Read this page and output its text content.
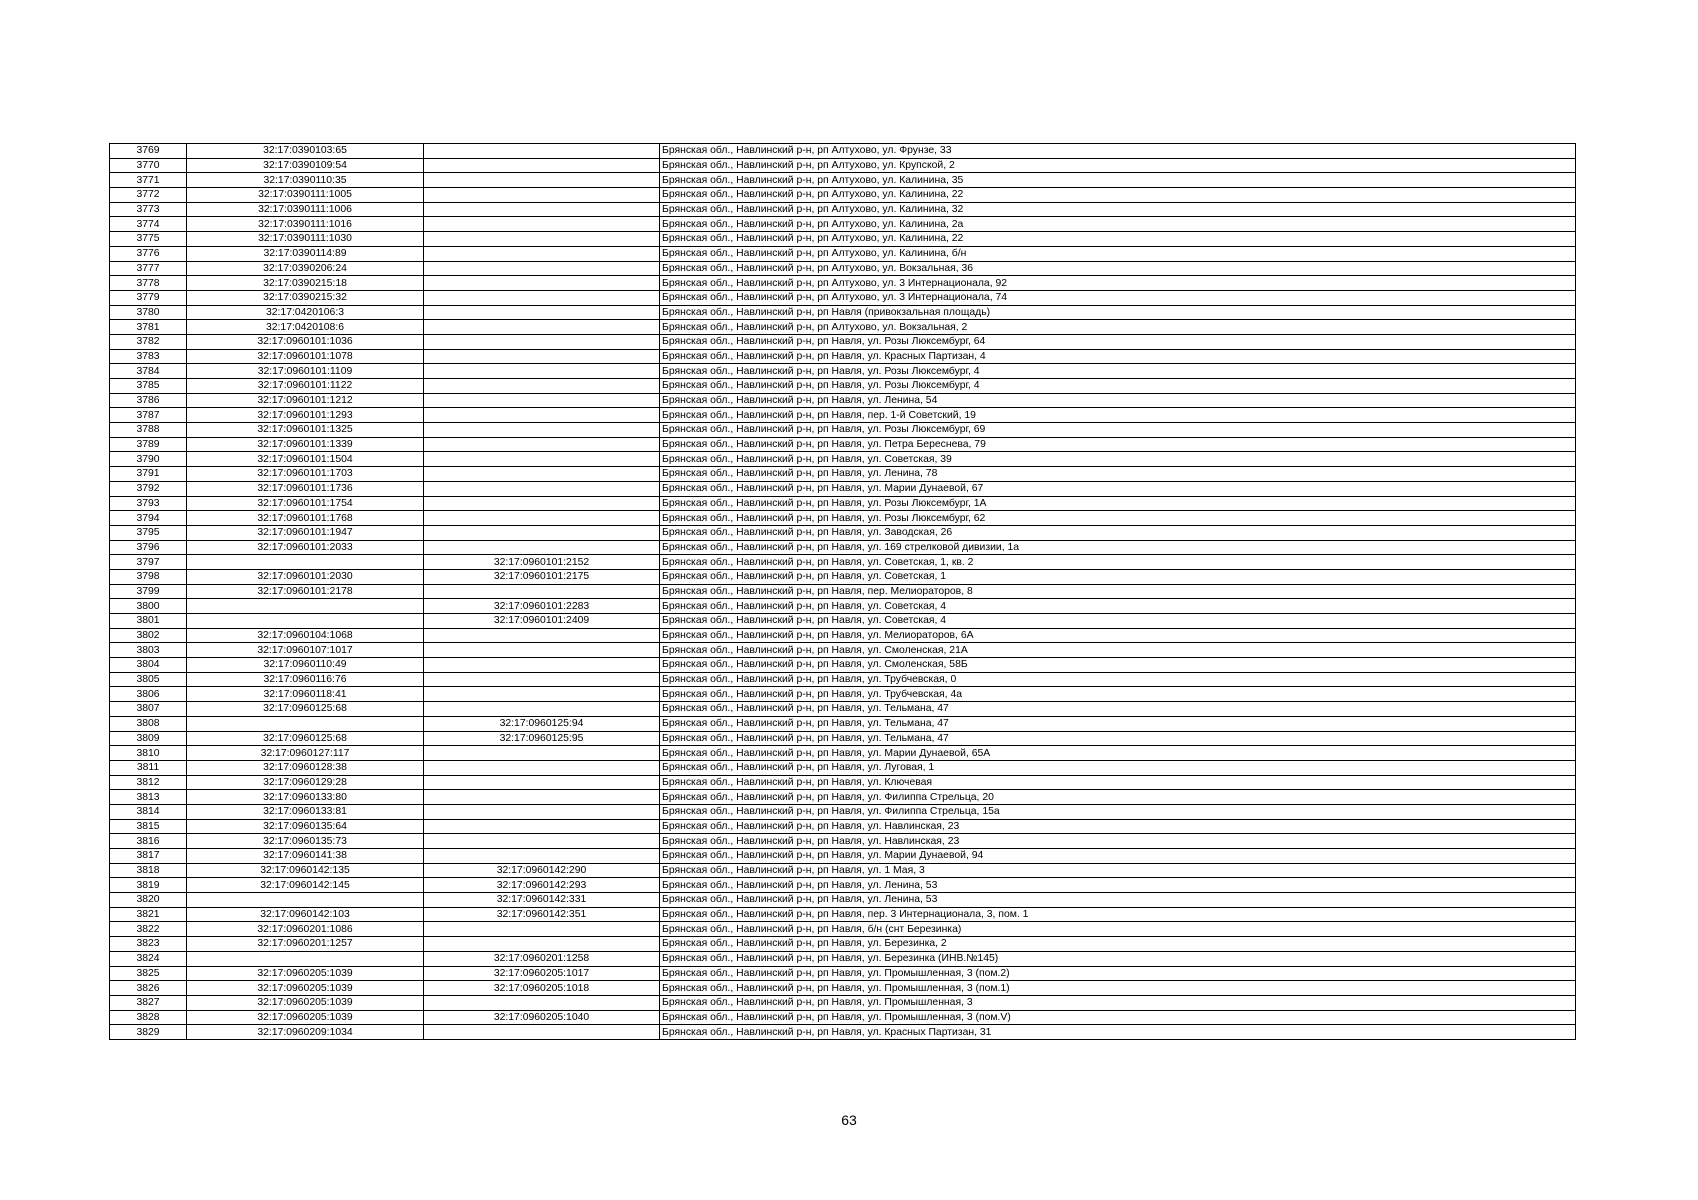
3769	32:17:0390103:65		Брянская обл., Навлинский р-н, рп Алтухово, ул. Фрунзе, 33
3770	32:17:0390109:54		Брянская обл., Навлинский р-н, рп Алтухово, ул. Крупской, 2
3771	32:17:0390110:35		Брянская обл., Навлинский р-н, рп Алтухово, ул. Калинина, 35
3772	32:17:0390111:1005		Брянская обл., Навлинский р-н, рп Алтухово, ул. Калинина, 22
3773	32:17:0390111:1006		Брянская обл., Навлинский р-н, рп Алтухово, ул. Калинина, 32
3774	32:17:0390111:1016		Брянская обл., Навлинский р-н, рп Алтухово, ул. Калинина, 2а
3775	32:17:0390111:1030		Брянская обл., Навлинский р-н, рп Алтухово, ул. Калинина, 22
3776	32:17:0390114:89		Брянская обл., Навлинский р-н, рп Алтухово, ул. Калинина, б/н
3777	32:17:0390206:24		Брянская обл., Навлинский р-н, рп Алтухово, ул. Вокзальная, 36
3778	32:17:0390215:18		Брянская обл., Навлинский р-н, рп Алтухово, ул. 3 Интернационала, 92
3779	32:17:0390215:32		Брянская обл., Навлинский р-н, рп Алтухово, ул. 3 Интернационала, 74
3780	32:17:0420106:3		Брянская обл., Навлинский р-н, рп Навля (привокзальная площадь)
3781	32:17:0420108:6		Брянская обл., Навлинский р-н, рп Алтухово, ул. Вокзальная, 2
3782	32:17:0960101:1036		Брянская обл., Навлинский р-н, рп Навля, ул. Розы Люксембург, 64
3783	32:17:0960101:1078		Брянская обл., Навлинский р-н, рп Навля, ул. Красных Партизан, 4
3784	32:17:0960101:1109		Брянская обл., Навлинский р-н, рп Навля, ул. Розы Люксембург, 4
3785	32:17:0960101:1122		Брянская обл., Навлинский р-н, рп Навля, ул. Розы Люксембург, 4
3786	32:17:0960101:1212		Брянская обл., Навлинский р-н, рп Навля, ул. Ленина, 54
3787	32:17:0960101:1293		Брянская обл., Навлинский р-н, рп Навля, пер. 1-й Советский, 19
3788	32:17:0960101:1325		Брянская обл., Навлинский р-н, рп Навля, ул. Розы Люксембург, 69
3789	32:17:0960101:1339		Брянская обл., Навлинский р-н, рп Навля, ул. Петра Береснева, 79
3790	32:17:0960101:1504		Брянская обл., Навлинский р-н, рп Навля, ул. Советская, 39
3791	32:17:0960101:1703		Брянская обл., Навлинский р-н, рп Навля, ул. Ленина, 78
3792	32:17:0960101:1736		Брянская обл., Навлинский р-н, рп Навля, ул. Марии Дунаевой, 67
3793	32:17:0960101:1754		Брянская обл., Навлинский р-н, рп Навля, ул. Розы Люксембург, 1А
3794	32:17:0960101:1768		Брянская обл., Навлинский р-н, рп Навля, ул. Розы Люксембург, 62
3795	32:17:0960101:1947		Брянская обл., Навлинский р-н, рп Навля, ул. Заводская, 26
3796	32:17:0960101:2033		Брянская обл., Навлинский р-н, рп Навля, ул. 169 стрелковой дивизии, 1а
3797		32:17:0960101:2152	Брянская обл., Навлинский р-н, рп Навля, ул. Советская, 1, кв. 2
3798	32:17:0960101:2030	32:17:0960101:2175	Брянская обл., Навлинский р-н, рп Навля, ул. Советская, 1
3799	32:17:0960101:2178		Брянская обл., Навлинский р-н, рп Навля, пер. Мелиораторов, 8
3800		32:17:0960101:2283	Брянская обл., Навлинский р-н, рп Навля, ул. Советская, 4
3801		32:17:0960101:2409	Брянская обл., Навлинский р-н, рп Навля, ул. Советская, 4
3802	32:17:0960104:1068		Брянская обл., Навлинский р-н, рп Навля, ул. Мелиораторов, 6А
3803	32:17:0960107:1017		Брянская обл., Навлинский р-н, рп Навля, ул. Смоленская, 21А
3804	32:17:0960110:49		Брянская обл., Навлинский р-н, рп Навля, ул. Смоленская, 58Б
3805	32:17:0960116:76		Брянская обл., Навлинский р-н, рп Навля, ул. Трубчевская, 0
3806	32:17:0960118:41		Брянская обл., Навлинский р-н, рп Навля, ул. Трубчевская, 4а
3807	32:17:0960125:68		Брянская обл., Навлинский р-н, рп Навля, ул. Тельмана, 47
3808		32:17:0960125:94	Брянская обл., Навлинский р-н, рп Навля, ул. Тельмана, 47
3809	32:17:0960125:68	32:17:0960125:95	Брянская обл., Навлинский р-н, рп Навля, ул. Тельмана, 47
3810	32:17:0960127:117		Брянская обл., Навлинский р-н, рп Навля, ул. Марии Дунаевой, 65А
3811	32:17:0960128:38		Брянская обл., Навлинский р-н, рп Навля, ул. Луговая, 1
3812	32:17:0960129:28		Брянская обл., Навлинский р-н, рп Навля, ул. Ключевая
3813	32:17:0960133:80		Брянская обл., Навлинский р-н, рп Навля, ул. Филиппа Стрельца, 20
3814	32:17:0960133:81		Брянская обл., Навлинский р-н, рп Навля, ул. Филиппа Стрельца, 15а
3815	32:17:0960135:64		Брянская обл., Навлинский р-н, рп Навля, ул. Навлинская, 23
3816	32:17:0960135:73		Брянская обл., Навлинский р-н, рп Навля, ул. Навлинская, 23
3817	32:17:0960141:38		Брянская обл., Навлинский р-н, рп Навля, ул. Марии Дунаевой, 94
3818	32:17:0960142:135	32:17:0960142:290	Брянская обл., Навлинский р-н, рп Навля, ул. 1 Мая, 3
3819	32:17:0960142:145	32:17:0960142:293	Брянская обл., Навлинский р-н, рп Навля, ул. Ленина, 53
3820		32:17:0960142:331	Брянская обл., Навлинский р-н, рп Навля, ул. Ленина, 53
3821	32:17:0960142:103	32:17:0960142:351	Брянская обл., Навлинский р-н, рп Навля, пер. 3 Интернационала, 3, пом. 1
3822	32:17:0960201:1086		Брянская обл., Навлинский р-н, рп Навля, б/н (снт Березинка)
3823	32:17:0960201:1257		Брянская обл., Навлинский р-н, рп Навля, ул. Березинка, 2
3824		32:17:0960201:1258	Брянская обл., Навлинский р-н, рп Навля, ул. Березинка (ИНВ.№145)
3825	32:17:0960205:1039	32:17:0960205:1017	Брянская обл., Навлинский р-н, рп Навля, ул. Промышленная, 3 (пом.2)
3826	32:17:0960205:1039	32:17:0960205:1018	Брянская обл., Навлинский р-н, рп Навля, ул. Промышленная, 3 (пом.1)
3827	32:17:0960205:1039		Брянская обл., Навлинский р-н, рп Навля, ул. Промышленная, 3
3828	32:17:0960205:1039	32:17:0960205:1040	Брянская обл., Навлинский р-н, рп Навля, ул. Промышленная, 3 (пом.V)
3829	32:17:0960209:1034		Брянская обл., Навлинский р-н, рп Навля, ул. Красных Партизан, 31
63
